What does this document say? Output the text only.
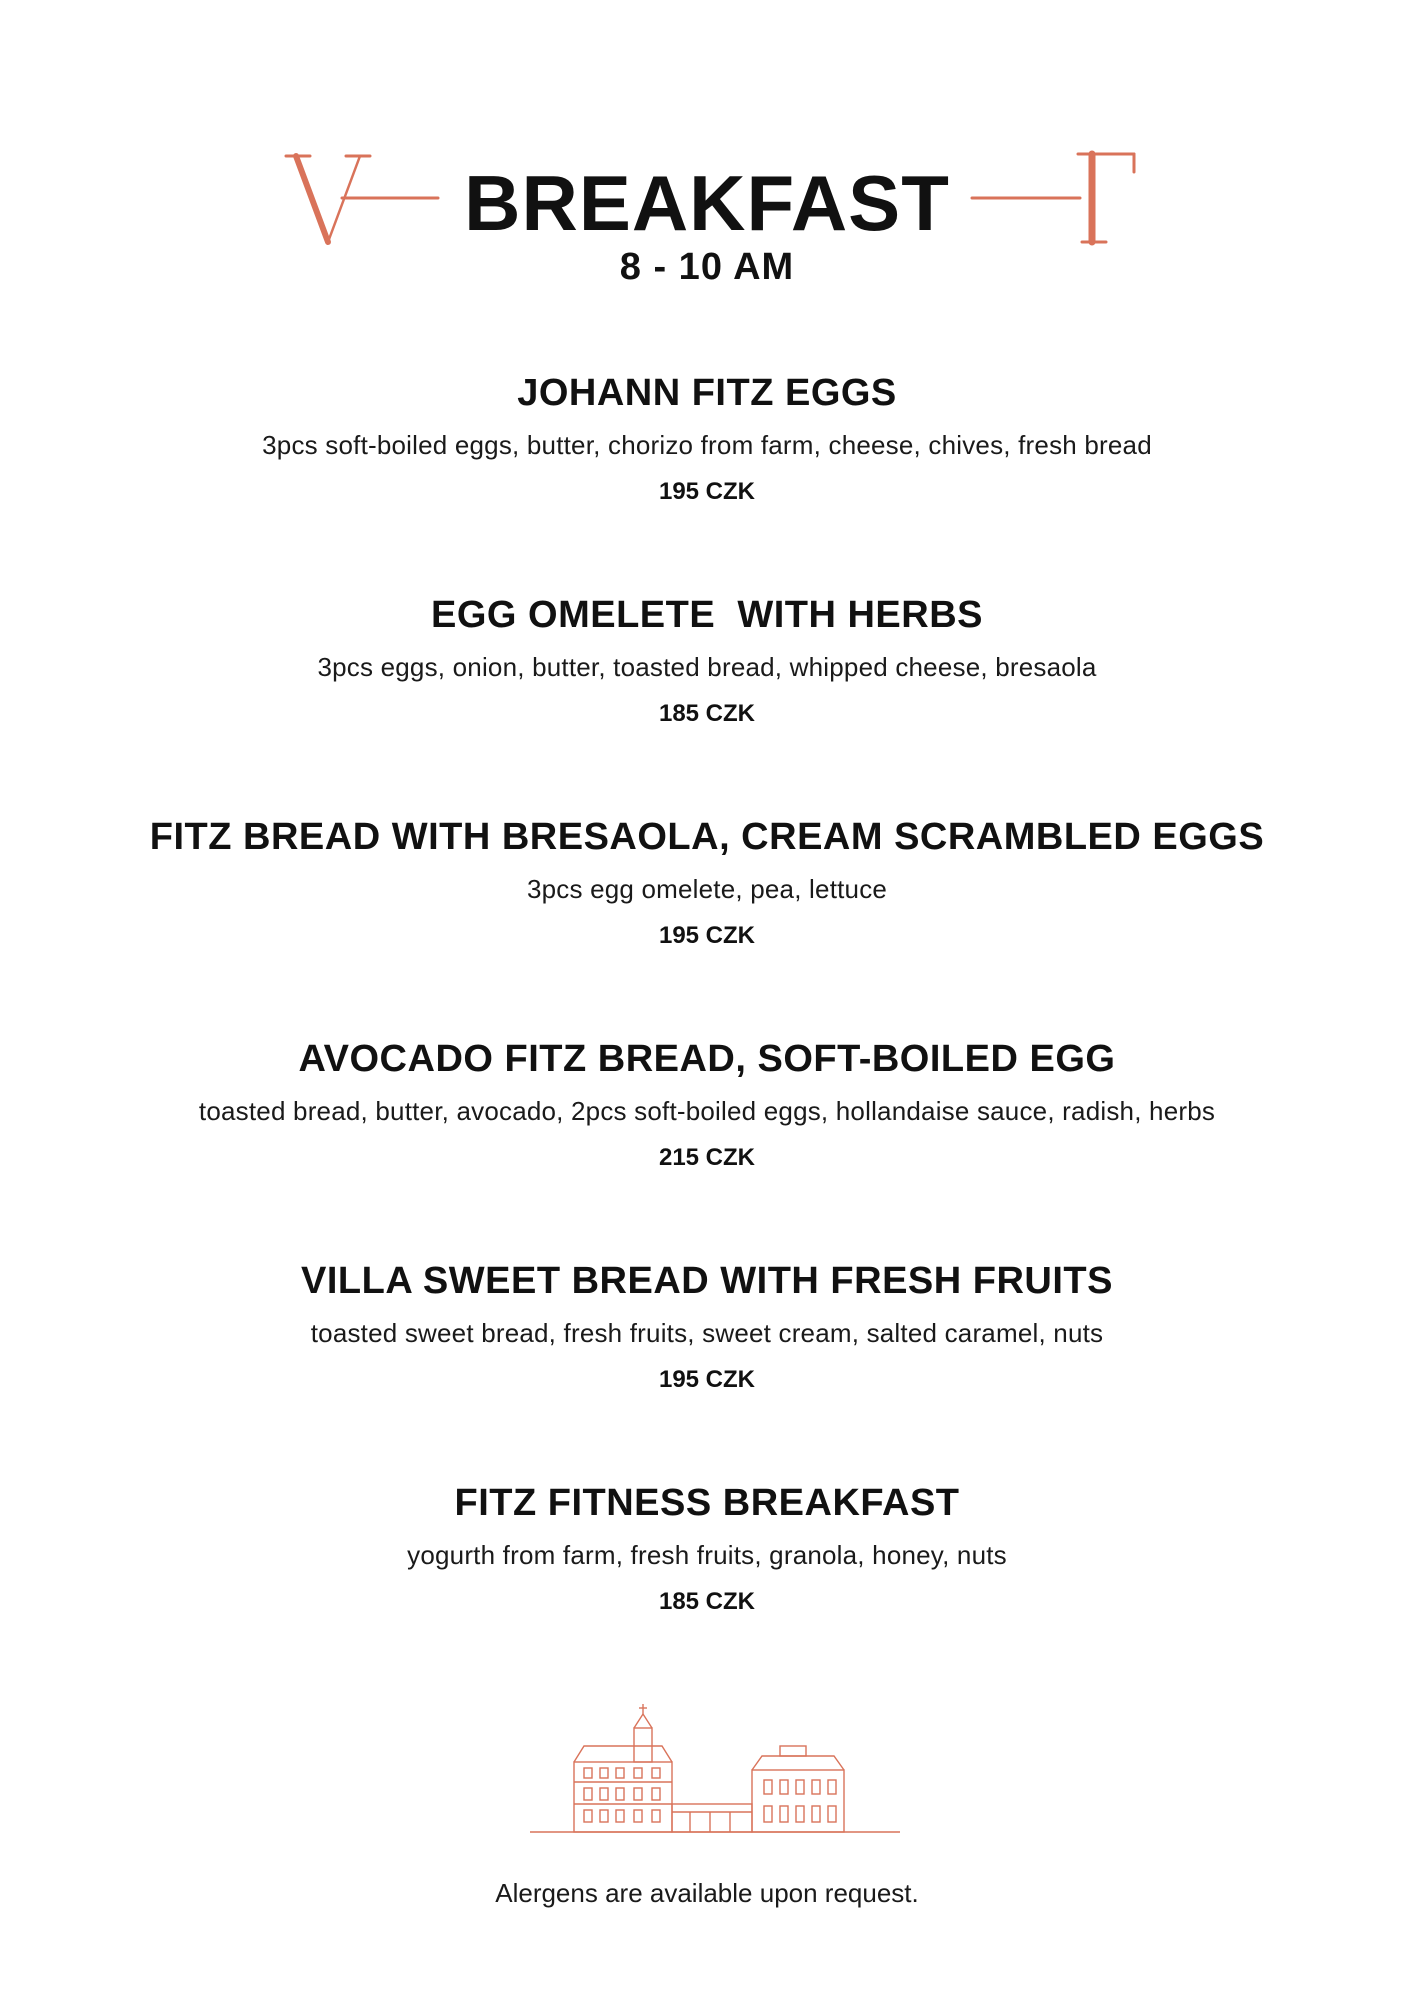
BREAKFAST
8 - 10 AM
JOHANN FITZ EGGS
3pcs soft-boiled eggs, butter, chorizo from farm, cheese, chives, fresh bread
195 CZK
EGG OMELETE  WITH HERBS
3pcs eggs, onion, butter, toasted bread, whipped cheese, bresaola
185 CZK
FITZ BREAD WITH BRESAOLA, CREAM SCRAMBLED EGGS
3pcs egg omelete, pea, lettuce
195 CZK
AVOCADO FITZ BREAD, SOFT-BOILED EGG
toasted bread, butter, avocado, 2pcs soft-boiled eggs, hollandaise sauce, radish, herbs
215 CZK
VILLA SWEET BREAD WITH FRESH FRUITS
toasted sweet bread, fresh fruits, sweet cream, salted caramel, nuts
195 CZK
FITZ FITNESS BREAKFAST
yogurth from farm, fresh fruits, granola, honey, nuts
185 CZK
Alergens are available upon request.
